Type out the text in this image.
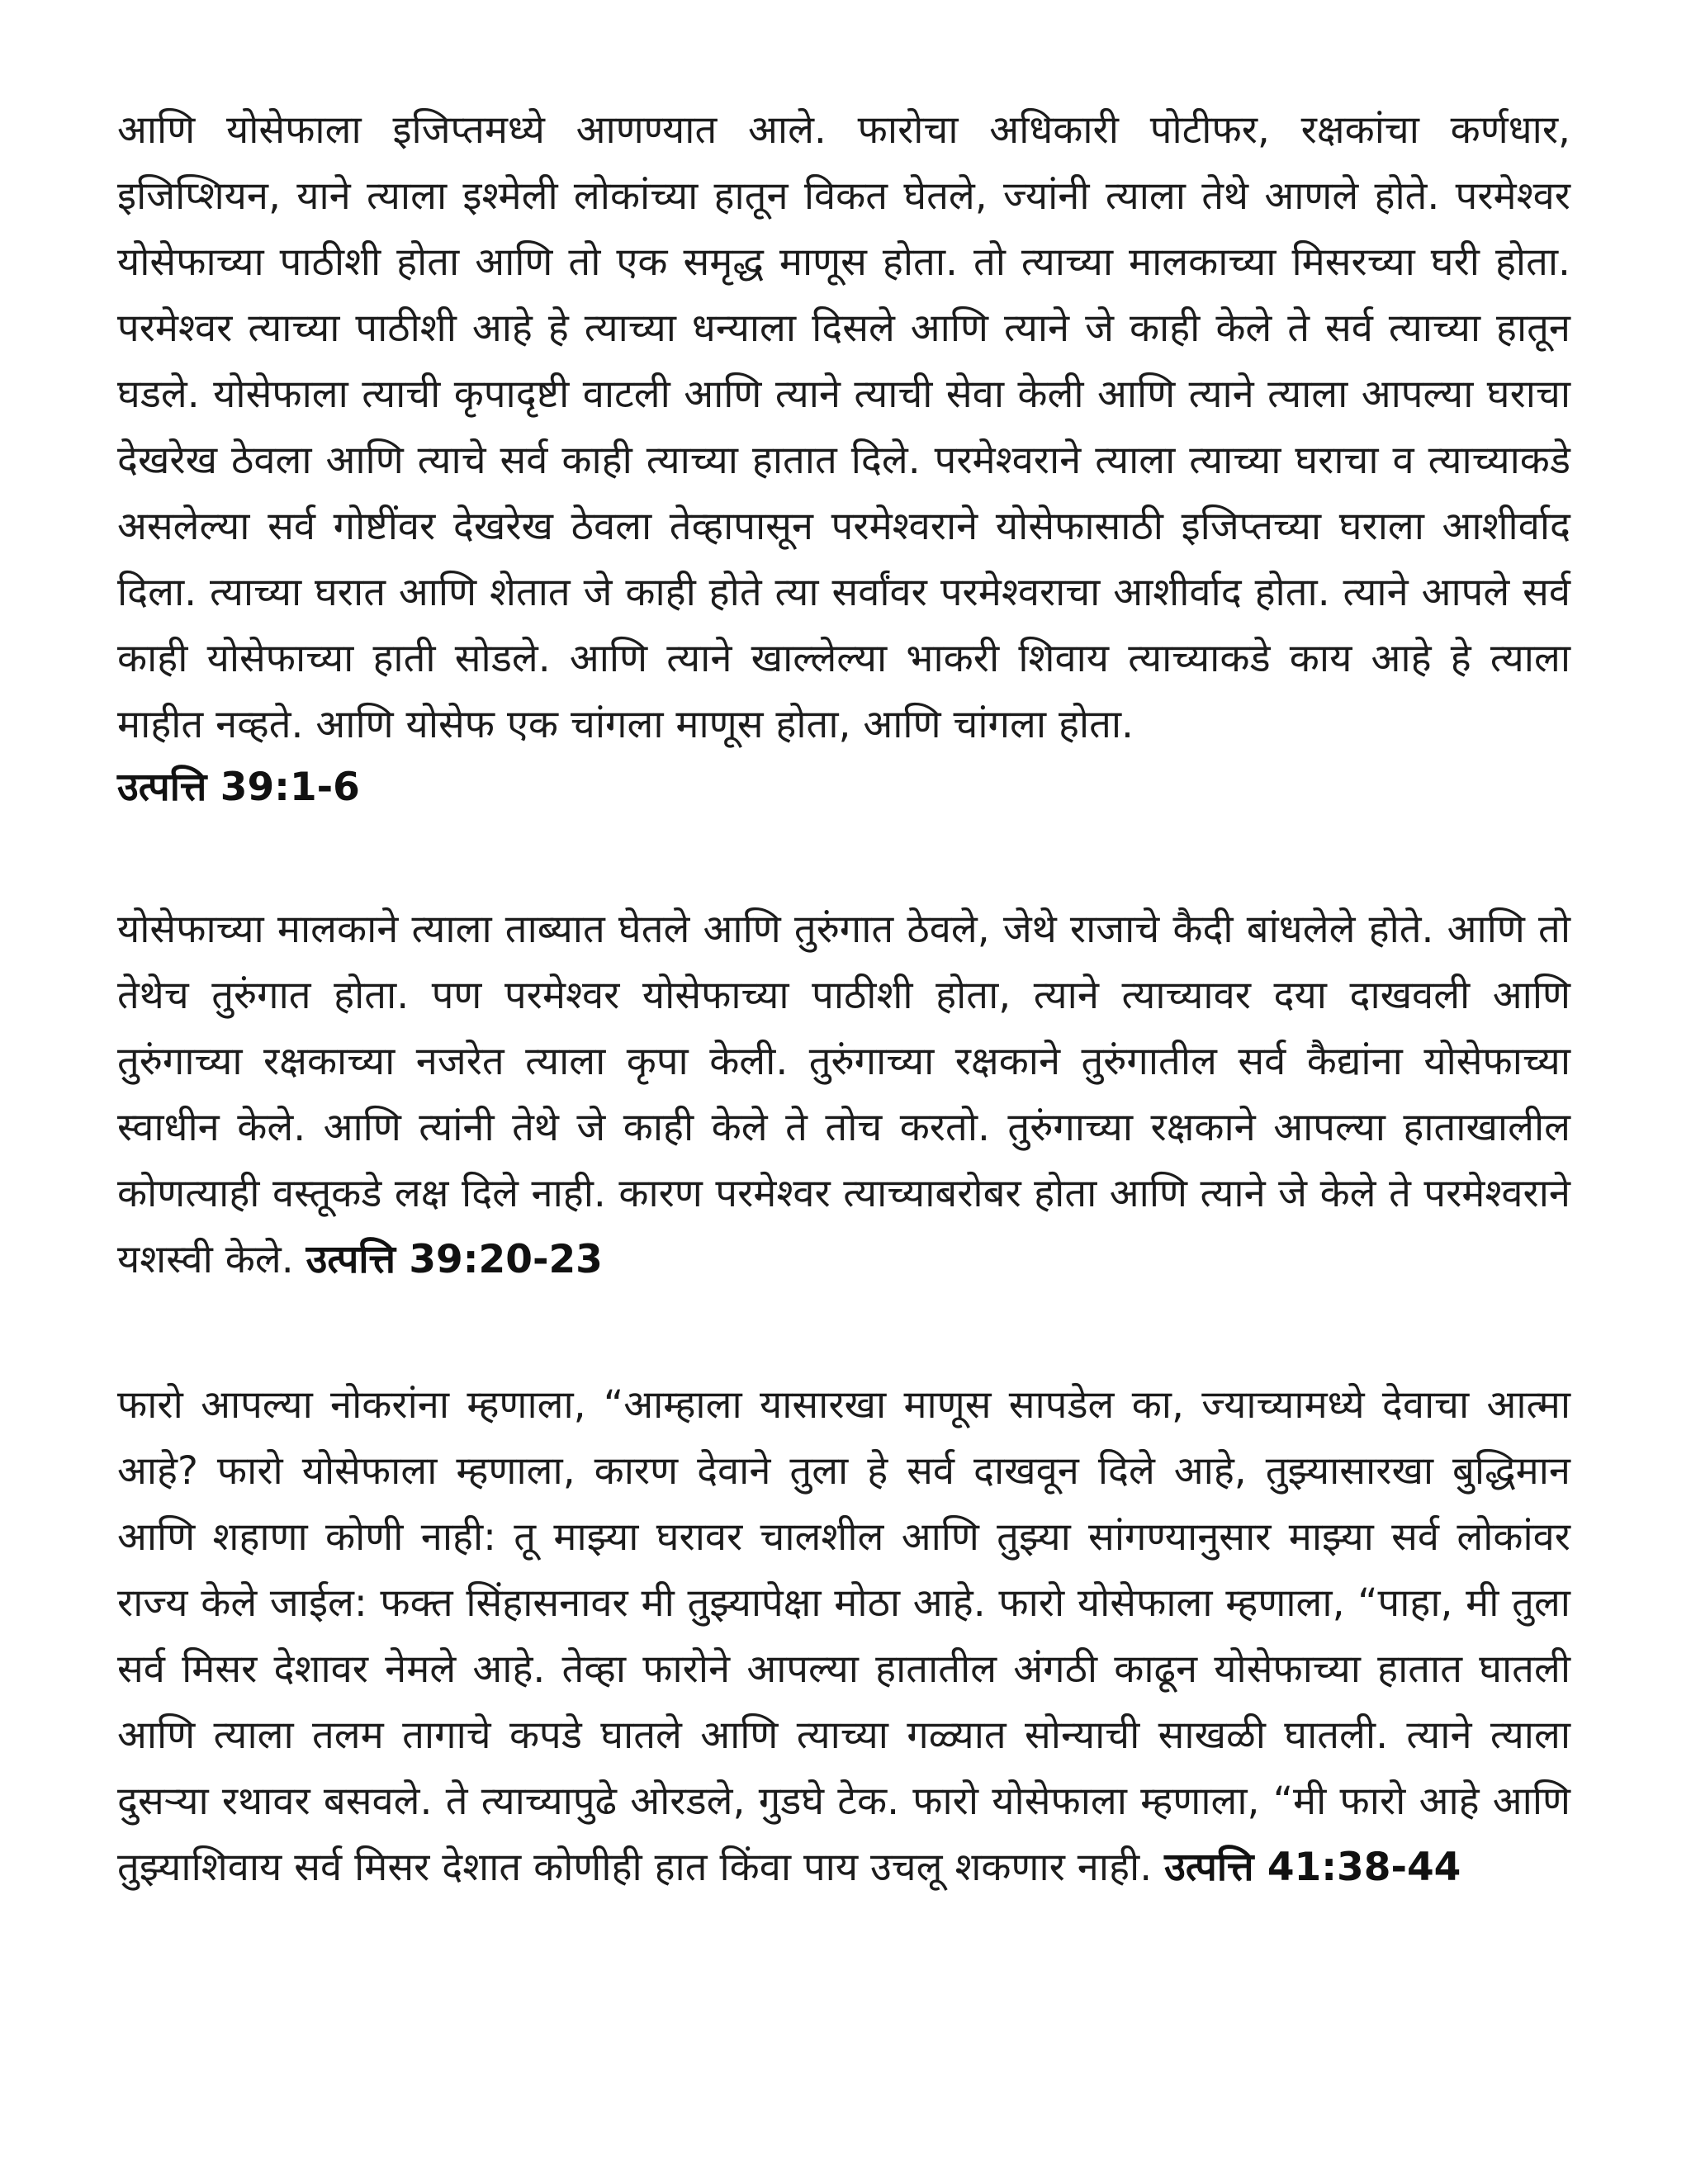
आणि योसेफाला इजिप्तमध्ये आणण्यात आले. फारोचा अधिकारी पोटीफर, रक्षकांचा कर्णधार, इजिप्शियन, याने त्याला इश्मेली लोकांच्या हातून विकत घेतले, ज्यांनी त्याला तेथे आणले होते. परमेश्वर योसेफाच्या पाठीशी होता आणि तो एक समृद्ध माणूस होता. तो त्याच्या मालकाच्या मिसरच्या घरी होता. परमेश्वर त्याच्या पाठीशी आहे हे त्याच्या धन्याला दिसले आणि त्याने जे काही केले ते सर्व त्याच्या हातून घडले. योसेफाला त्याची कृपादृष्टी वाटली आणि त्याने त्याची सेवा केली आणि त्याने त्याला आपल्या घराचा देखरेख ठेवला आणि त्याचे सर्व काही त्याच्या हातात दिले. परमेश्वराने त्याला त्याच्या घराचा व त्याच्याकडे असलेल्या सर्व गोष्टींवर देखरेख ठेवला तेव्हापासून परमेश्वराने योसेफासाठी इजिप्तच्या घराला आशीर्वाद दिला. त्याच्या घरात आणि शेतात जे काही होते त्या सर्वांवर परमेश्वराचा आशीर्वाद होता. त्याने आपले सर्व काही योसेफाच्या हाती सोडले. आणि त्याने खाल्लेल्या भाकरी शिवाय त्याच्याकडे काय आहे हे त्याला माहीत नव्हते. आणि योसेफ एक चांगला माणूस होता, आणि चांगला होता.
उत्पत्ति 39:1-6

योसेफाच्या मालकाने त्याला ताब्यात घेतले आणि तुरुंगात ठेवले, जेथे राजाचे कैदी बांधलेले होते. आणि तो तेथेच तुरुंगात होता. पण परमेश्वर योसेफाच्या पाठीशी होता, त्याने त्याच्यावर दया दाखवली आणि तुरुंगाच्या रक्षकाच्या नजरेत त्याला कृपा केली. तुरुंगाच्या रक्षकाने तुरुंगातील सर्व कैद्यांना योसेफाच्या स्वाधीन केले. आणि त्यांनी तेथे जे काही केले ते तोच करतो. तुरुंगाच्या रक्षकाने आपल्या हाताखालील कोणत्याही वस्तूकडे लक्ष दिले नाही. कारण परमेश्वर त्याच्याबरोबर होता आणि त्याने जे केले ते परमेश्वराने यशस्वी केले. उत्पत्ति 39:20-23

फारो आपल्या नोकरांना म्हणाला, “आम्हाला यासारखा माणूस सापडेल का, ज्याच्यामध्ये देवाचा आत्मा आहे? फारो योसेफाला म्हणाला, कारण देवाने तुला हे सर्व दाखवून दिले आहे, तुझ्यासारखा बुद्धिमान आणि शहाणा कोणी नाही: तू माझ्या घरावर चालशील आणि तुझ्या सांगण्यानुसार माझ्या सर्व लोकांवर राज्य केले जाईल: फक्त सिंहासनावर मी तुझ्यापेक्षा मोठा आहे. फारो योसेफाला म्हणाला, “पाहा, मी तुला सर्व मिसर देशावर नेमले आहे. तेव्हा फारोने आपल्या हातातील अंगठी काढून योसेफाच्या हातात घातली आणि त्याला तलम तागाचे कपडे घातले आणि त्याच्या गळ्यात सोन्याची साखळी घातली. त्याने त्याला दुसऱ्या रथावर बसवले. ते त्याच्यापुढे ओरडले, गुडघे टेक. फारो योसेफाला म्हणाला, “मी फारो आहे आणि तुझ्याशिवाय सर्व मिसर देशात कोणीही हात किंवा पाय उचलू शकणार नाही. उत्पत्ति 41:38-44
